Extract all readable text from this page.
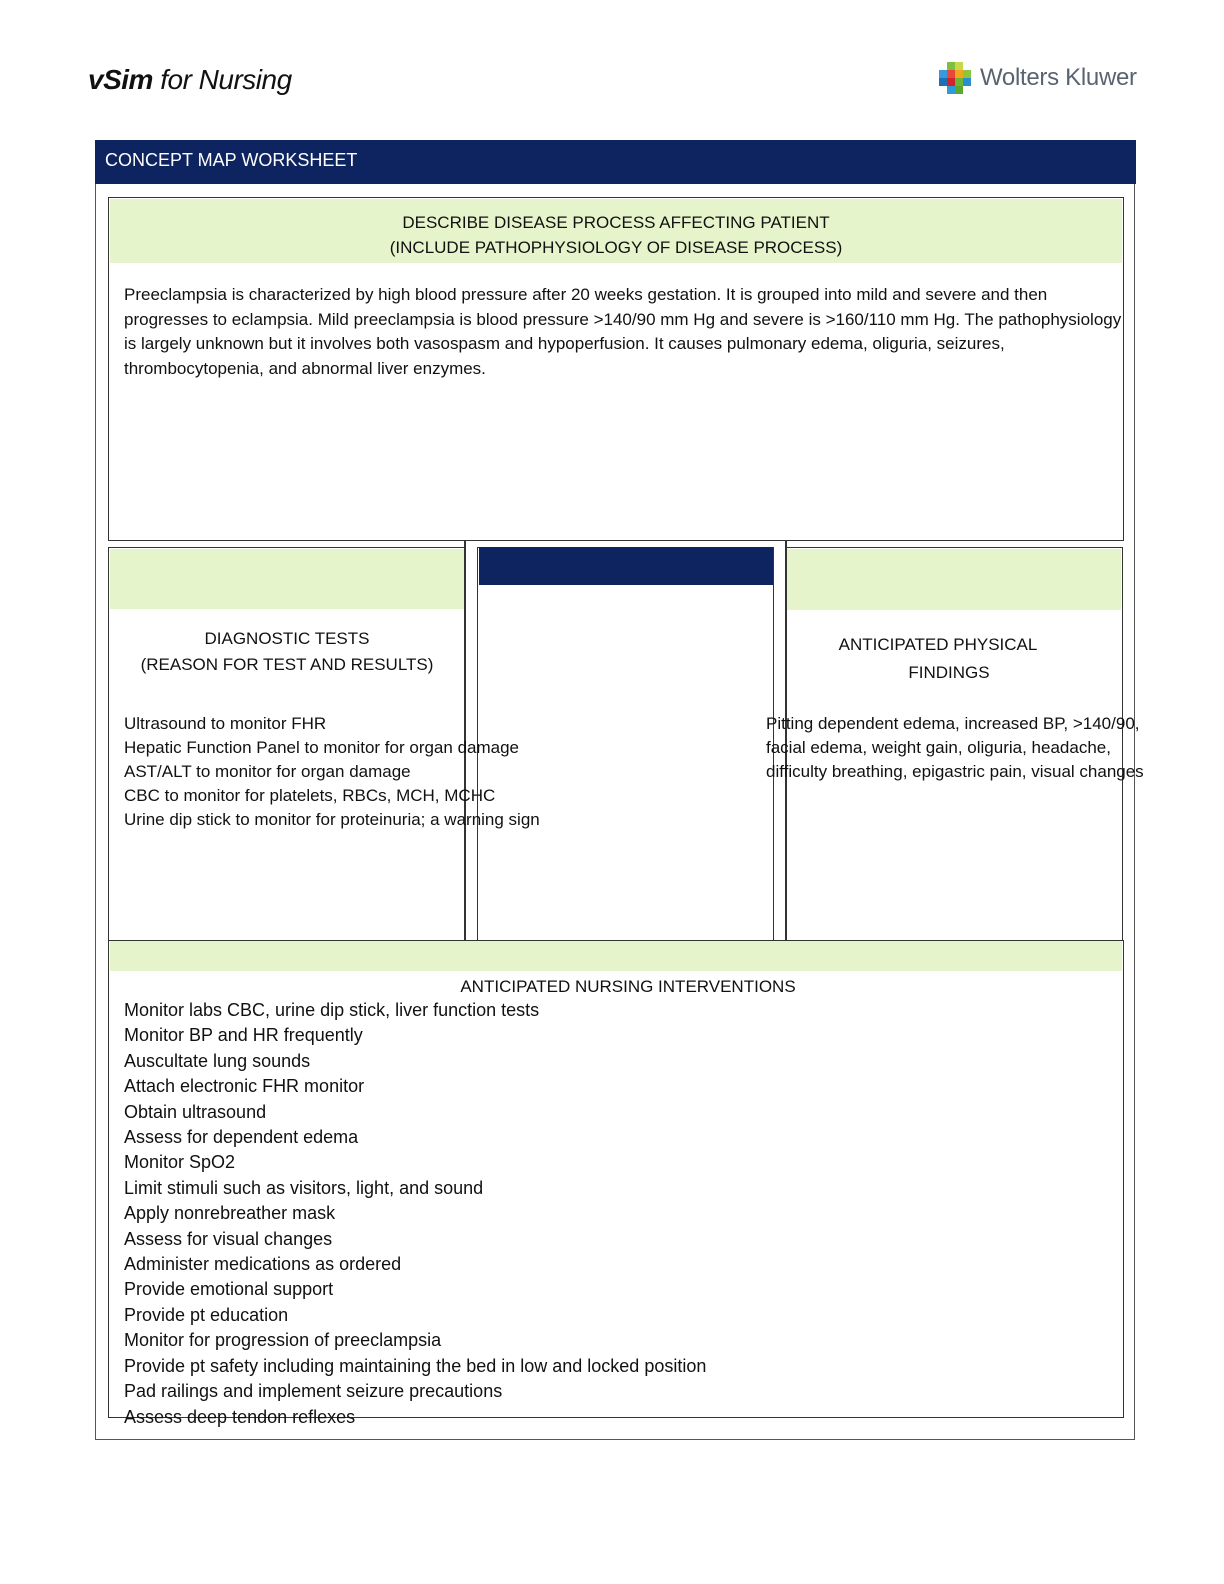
vSim for Nursing	Wolters Kluwer
CONCEPT MAP WORKSHEET
DESCRIBE DISEASE PROCESS AFFECTING PATIENT
(INCLUDE PATHOPHYSIOLOGY OF DISEASE PROCESS)
Preeclampsia is characterized by high blood pressure after 20 weeks gestation. It is grouped into mild and severe and then
progresses to eclampsia. Mild preeclampsia is blood pressure >140/90 mm Hg and severe is >160/110 mm Hg. The pathophysiology
is largely unknown but it involves both vasospasm and hypoperfusion. It causes pulmonary edema, oliguria, seizures,
thrombocytopenia, and abnormal liver enzymes.
DIAGNOSTIC TESTS
(REASON FOR TEST AND RESULTS)
ANTICIPATED PHYSICAL
FINDINGS
Ultrasound to monitor FHR
Hepatic Function Panel to monitor for organ damage
AST/ALT to monitor for organ damage
CBC to monitor for platelets, RBCs, MCH, MCHC
Urine dip stick to monitor for proteinuria; a warning sign
Pitting dependent edema, increased BP, >140/90,
facial edema, weight gain, oliguria, headache,
difficulty breathing, epigastric pain, visual changes
ANTICIPATED NURSING INTERVENTIONS
Monitor labs CBC, urine dip stick, liver function tests
Monitor BP and HR frequently
Auscultate lung sounds
Attach electronic FHR monitor
Obtain ultrasound
Assess for dependent edema
Monitor SpO2
Limit stimuli such as visitors, light, and sound
Apply nonrebreather mask
Assess for visual changes
Administer medications as ordered
Provide emotional support
Provide pt education
Monitor for progression of preeclampsia
Provide pt safety including maintaining the bed in low and locked position
Pad railings and implement seizure precautions
Assess deep tendon reflexes
